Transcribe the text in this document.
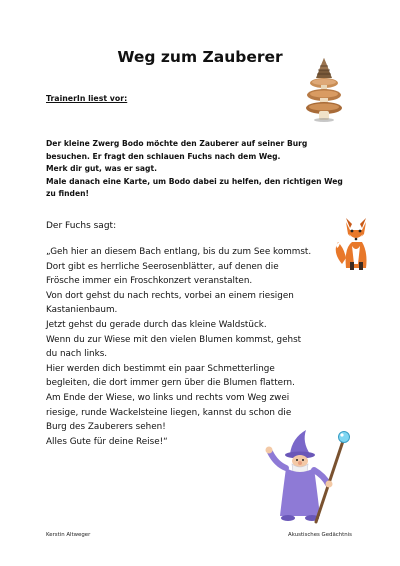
Weg zum Zauberer
TrainerIn liest vor:
Der kleine Zwerg Bodo möchte den Zauberer auf seiner Burg
besuchen. Er fragt den schlauen Fuchs nach dem Weg.
Merk dir gut, was er sagt.
Male danach eine Karte, um Bodo dabei zu helfen, den richtigen Weg
zu finden!
Der Fuchs sagt:
„Geh hier an diesem Bach entlang, bis du zum See kommst.
Dort gibt es herrliche Seerosenblätter, auf denen die
Frösche immer ein Froschkonzert veranstalten.
Von dort gehst du nach rechts, vorbei an einem riesigen
Kastanienbaum.
Jetzt gehst du gerade durch das kleine Waldstück.
Wenn du zur Wiese mit den vielen Blumen kommst, gehst
du nach links.
Hier werden dich bestimmt ein paar Schmetterlinge
begleiten, die dort immer gern über die Blumen flattern.
Am Ende der Wiese, wo links und rechts vom Weg zwei
riesige, runde Wackelsteine liegen, kannst du schon die
Burg des Zauberers sehen!
Alles Gute für deine Reise!“
Kerstin Altweger	Akustisches Gedächtnis
